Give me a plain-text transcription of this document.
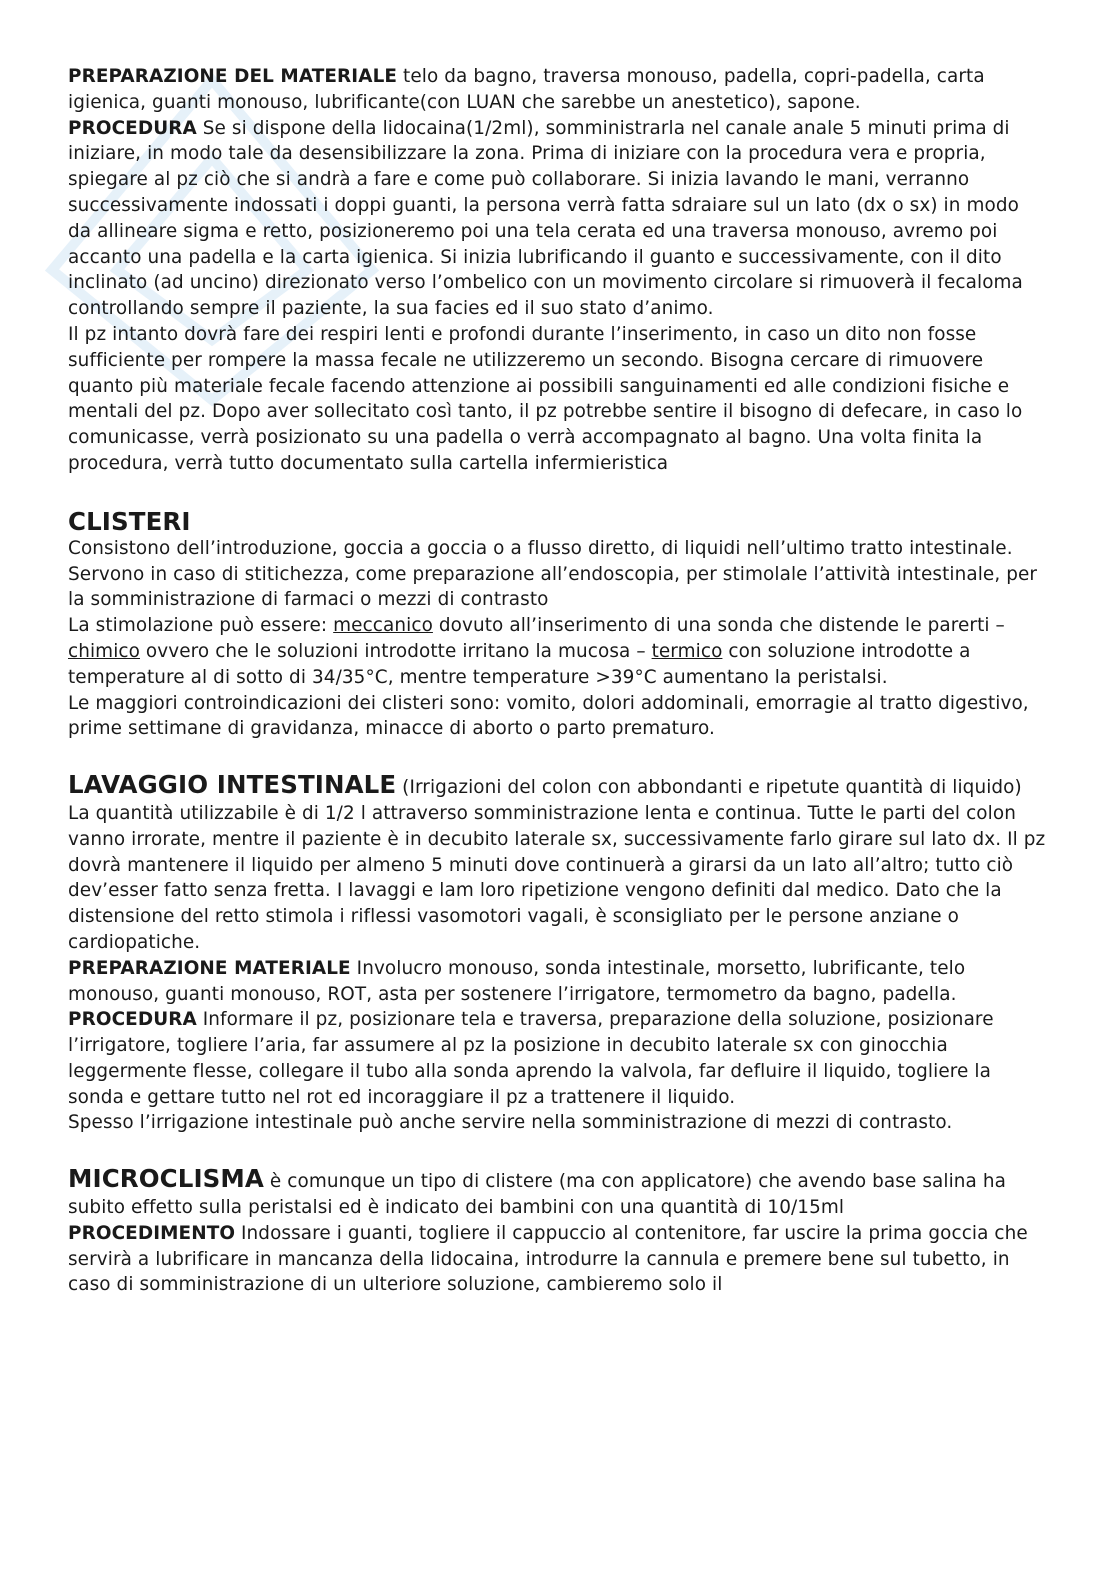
PREPARAZIONE DEL MATERIALE telo da bagno, traversa monouso, padella, copri-padella, carta igienica, guanti monouso, lubrificante(con LUAN che sarebbe un anestetico), sapone.

PROCEDURA Se si dispone della lidocaina(1/2ml), somministrarla nel canale anale 5 minuti prima di iniziare, in modo tale da desensibilizzare la zona. Prima di iniziare con la procedura vera e propria, spiegare al pz ciò che si andrà a fare e come può collaborare. Si inizia lavando le mani, verranno successivamente indossati i doppi guanti, la persona verrà fatta sdraiare sul un lato (dx o sx) in modo da allineare sigma e retto, posizioneremo poi una tela cerata ed una traversa monouso, avremo poi accanto una padella e la carta igienica. Si inizia lubrificando il guanto e successivamente, con il dito inclinato (ad uncino) direzionato verso l’ombelico con un movimento circolare si rimuoverà il fecaloma controllando sempre il paziente, la sua facies ed il suo stato d’animo.

Il pz intanto dovrà fare dei respiri lenti e profondi durante l’inserimento, in caso un dito non fosse sufficiente per rompere la massa fecale ne utilizzeremo un secondo. Bisogna cercare di rimuovere quanto più materiale fecale facendo attenzione ai possibili sanguinamenti ed alle condizioni fisiche e mentali del pz. Dopo aver sollecitato così tanto, il pz potrebbe sentire il bisogno di defecare, in caso lo comunicasse, verrà posizionato su una padella o verrà accompagnato al bagno. Una volta finita la procedura, verrà tutto documentato sulla cartella infermieristica

CLISTERI

Consistono dell’introduzione, goccia a goccia o a flusso diretto, di liquidi nell’ultimo tratto intestinale.

Servono in caso di stitichezza, come preparazione all’endoscopia, per stimolale l’attività intestinale, per la somministrazione di farmaci o mezzi di contrasto

La stimolazione può essere: meccanico dovuto all’inserimento di una sonda che distende le parerti – chimico ovvero che le soluzioni introdotte irritano la mucosa – termico con soluzione introdotte a temperature al di sotto di 34/35°C, mentre temperature >39°C aumentano la peristalsi.

Le maggiori controindicazioni dei clisteri sono: vomito, dolori addominali, emorragie al tratto digestivo, prime settimane di gravidanza, minacce di aborto o parto prematuro.

LAVAGGIO INTESTINALE (Irrigazioni del colon con abbondanti e ripetute quantità di liquido)

La quantità utilizzabile è di 1/2 l attraverso somministrazione lenta e continua. Tutte le parti del colon vanno irrorate, mentre il paziente è in decubito laterale sx, successivamente farlo girare sul lato dx. Il pz dovrà mantenere il liquido per almeno 5 minuti dove continuerà a girarsi da un lato all’altro; tutto ciò dev’esser fatto senza fretta. I lavaggi e lam loro ripetizione vengono definiti dal medico. Dato che la distensione del retto stimola i riflessi vasomotori vagali, è sconsigliato per le persone anziane o cardiopatiche.

PREPARAZIONE MATERIALE Involucro monouso, sonda intestinale, morsetto, lubrificante, telo monouso, guanti monouso, ROT, asta per sostenere l’irrigatore, termometro da bagno, padella.

PROCEDURA Informare il pz, posizionare tela e traversa, preparazione della soluzione, posizionare l’irrigatore, togliere l’aria, far assumere al pz la posizione in decubito laterale sx con ginocchia leggermente flesse, collegare il tubo alla sonda aprendo la valvola, far defluire il liquido, togliere la sonda e gettare tutto nel rot ed incoraggiare il pz a trattenere il liquido.

Spesso l’irrigazione intestinale può anche servire nella somministrazione di mezzi di contrasto.

MICROCLISMA è comunque un tipo di clistere (ma con applicatore) che avendo base salina ha subito effetto sulla peristalsi ed è indicato dei bambini con una quantità di 10/15ml

PROCEDIMENTO Indossare i guanti, togliere il cappuccio al contenitore, far uscire la prima goccia che servirà a lubrificare in mancanza della lidocaina, introdurre la cannula e premere bene sul tubetto, in caso di somministrazione di un ulteriore soluzione, cambieremo solo il
